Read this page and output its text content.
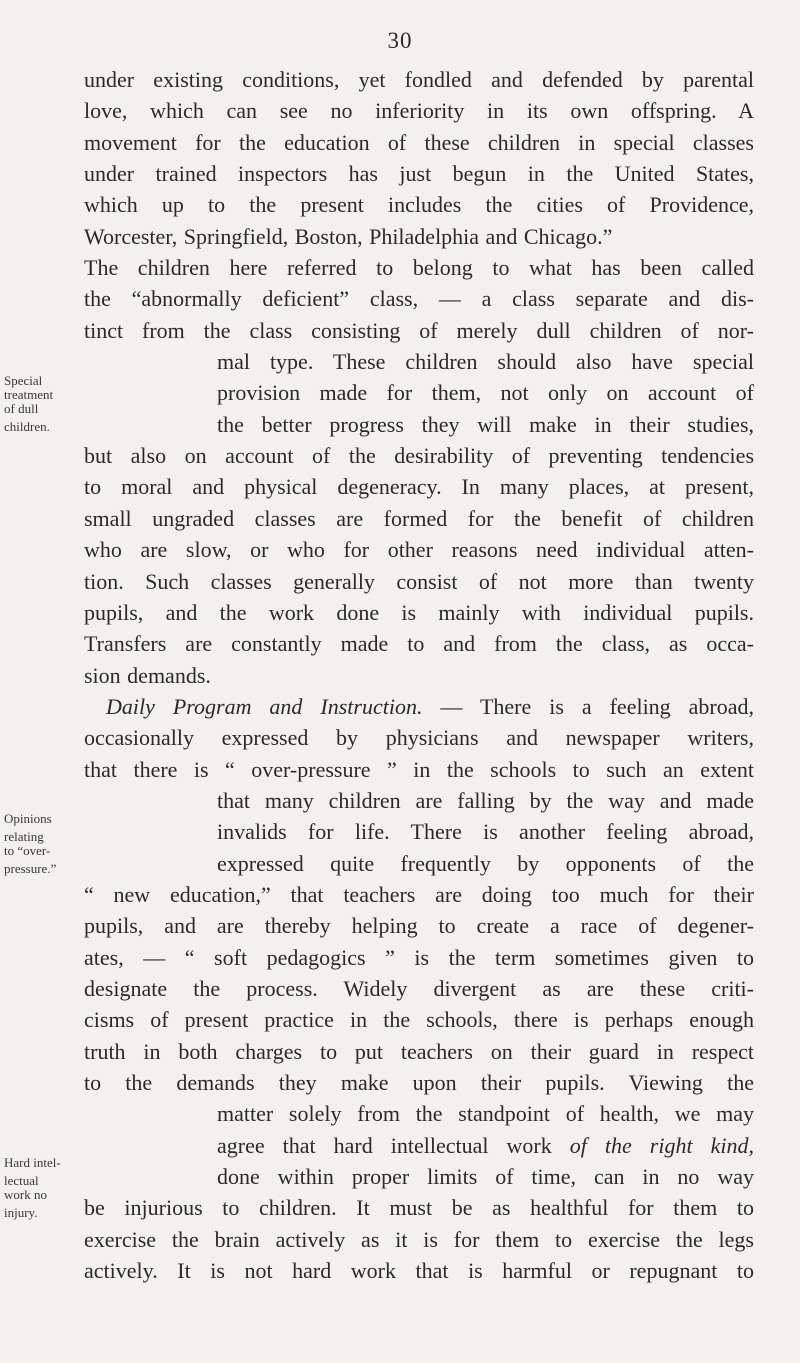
30
Special
treatment
of dull
children.
Opinions
relating
to “over-
pressure.”
Hard intel-
lectual
work no
injury.
under existing conditions, yet fondled and defended by parental
love, which can see no inferiority in its own offspring. A
movement for the education of these children in special classes
under trained inspectors has just begun in the United States,
which up to the present includes the cities of Providence,
Worcester, Springfield, Boston, Philadelphia and Chicago.”
The children here referred to belong to what has been called
the “abnormally deficient” class, — a class separate and dis-
tinct from the class consisting of merely dull children of nor-
mal type. These children should also have special
provision made for them, not only on account of
the better progress they will make in their studies,
but also on account of the desirability of preventing tendencies
to moral and physical degeneracy. In many places, at present,
small ungraded classes are formed for the benefit of children
who are slow, or who for other reasons need individual atten-
tion. Such classes generally consist of not more than twenty
pupils, and the work done is mainly with individual pupils.
Transfers are constantly made to and from the class, as occa-
sion demands.
Daily Program and Instruction. — There is a feeling abroad,
occasionally expressed by physicians and newspaper writers,
that there is “ over-pressure ” in the schools to such an extent
that many children are falling by the way and made
invalids for life. There is another feeling abroad,
expressed quite frequently by opponents of the
“ new education,” that teachers are doing too much for their
pupils, and are thereby helping to create a race of degener-
ates, — “ soft pedagogics ” is the term sometimes given to
designate the process. Widely divergent as are these criti-
cisms of present practice in the schools, there is perhaps enough
truth in both charges to put teachers on their guard in respect
to the demands they make upon their pupils. Viewing the
matter solely from the standpoint of health, we may
agree that hard intellectual work of the right kind,
done within proper limits of time, can in no way
be injurious to children. It must be as healthful for them to
exercise the brain actively as it is for them to exercise the legs
actively. It is not hard work that is harmful or repugnant to
